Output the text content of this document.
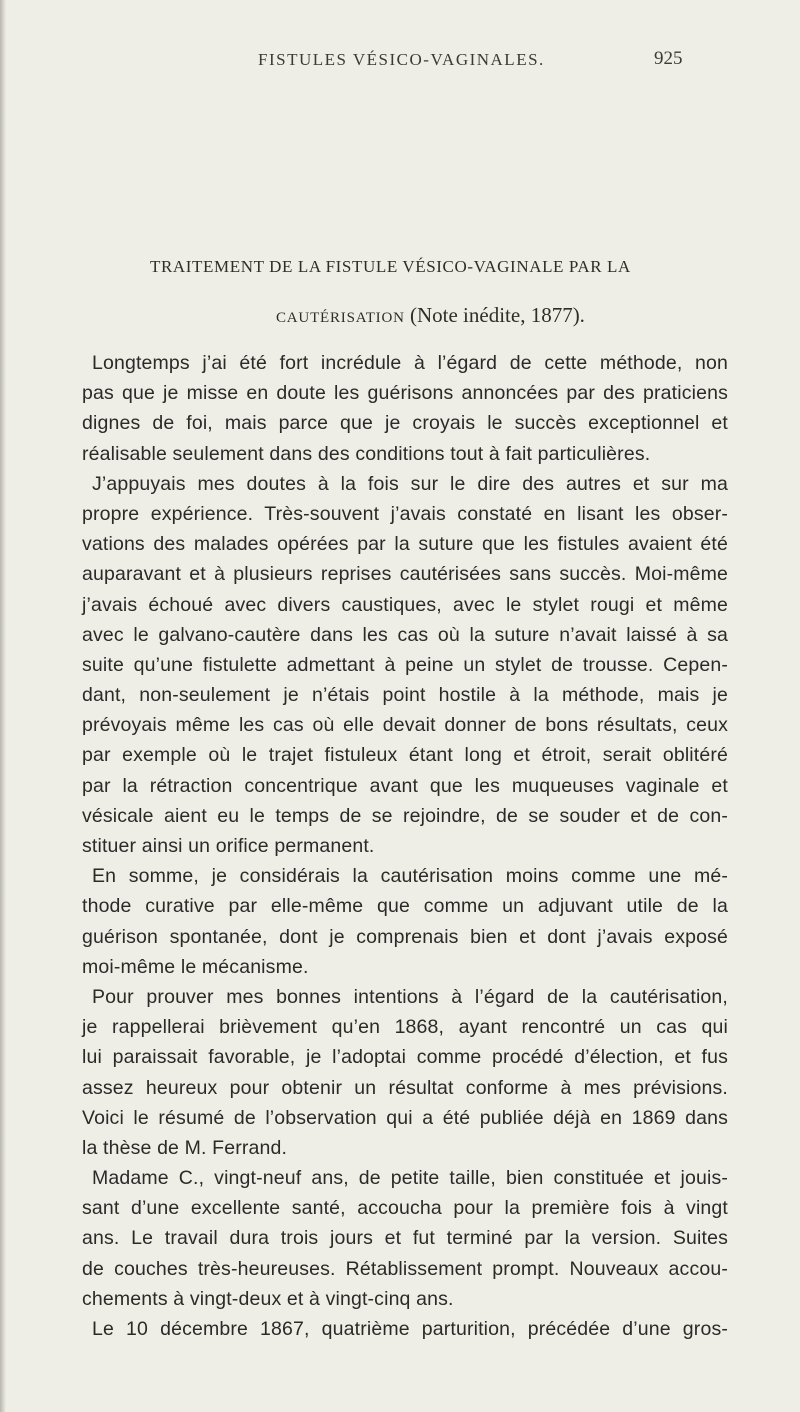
FISTULES VÉSICO-VAGINALES.	925
TRAITEMENT DE LA FISTULE VÉSICO-VAGINALE PAR LA
CAUTÉRISATION (Note inédite, 1877).
Longtemps j’ai été fort incrédule à l’égard de cette méthode, non
pas que je misse en doute les guérisons annoncées par des praticiens
dignes de foi, mais parce que je croyais le succès exceptionnel et
réalisable seulement dans des conditions tout à fait particulières.
J’appuyais mes doutes à la fois sur le dire des autres et sur ma
propre expérience. Très-souvent j’avais constaté en lisant les obser-
vations des malades opérées par la suture que les fistules avaient été
auparavant et à plusieurs reprises cautérisées sans succès. Moi-même
j’avais échoué avec divers caustiques, avec le stylet rougi et même
avec le galvano-cautère dans les cas où la suture n’avait laissé à sa
suite qu’une fistulette admettant à peine un stylet de trousse. Cepen-
dant, non-seulement je n’étais point hostile à la méthode, mais je
prévoyais même les cas où elle devait donner de bons résultats, ceux
par exemple où le trajet fistuleux étant long et étroit, serait oblitéré
par la rétraction concentrique avant que les muqueuses vaginale et
vésicale aient eu le temps de se rejoindre, de se souder et de con-
stituer ainsi un orifice permanent.
En somme, je considérais la cautérisation moins comme une mé-
thode curative par elle-même que comme un adjuvant utile de la
guérison spontanée, dont je comprenais bien et dont j’avais exposé
moi-même le mécanisme.
Pour prouver mes bonnes intentions à l’égard de la cautérisation,
je rappellerai brièvement qu’en 1868, ayant rencontré un cas qui
lui paraissait favorable, je l’adoptai comme procédé d’élection, et fus
assez heureux pour obtenir un résultat conforme à mes prévisions.
Voici le résumé de l’observation qui a été publiée déjà en 1869 dans
la thèse de M. Ferrand.
Madame C., vingt-neuf ans, de petite taille, bien constituée et jouis-
sant d’une excellente santé, accoucha pour la première fois à vingt
ans. Le travail dura trois jours et fut terminé par la version. Suites
de couches très-heureuses. Rétablissement prompt. Nouveaux accou-
chements à vingt-deux et à vingt-cinq ans.
Le 10 décembre 1867, quatrième parturition, précédée d’une gros-
